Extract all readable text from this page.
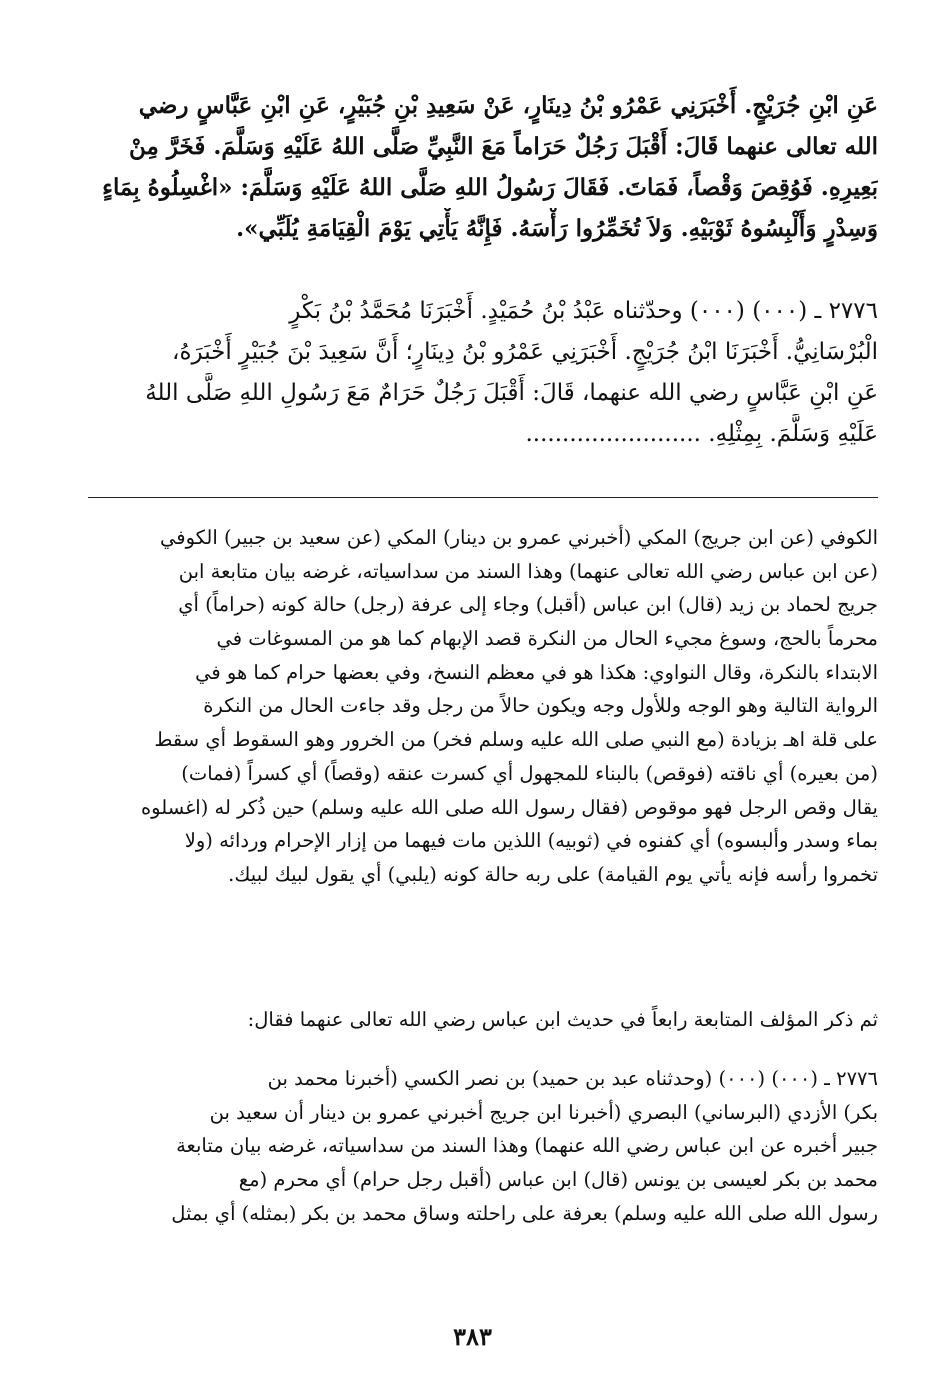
عَنِ ابْنِ جُرَيْجٍ. أَخْبَرَنِي عَمْرُو بْنُ دِينَارٍ، عَنْ سَعِيدِ بْنِ جُبَيْرٍ، عَنِ ابْنِ عَبَّاسٍ رضي
الله تعالى عنهما قَالَ: أَقْبَلَ رَجُلٌ حَرَاماً مَعَ النَّبِيِّ صَلَّى اللهُ عَلَيْهِ وَسَلَّمَ. فَخَرَّ مِنْ
بَعِيرِهِ. فَوُقِصَ وَقْصاً، فَمَاتَ. فَقَالَ رَسُولُ اللهِ صَلَّى اللهُ عَلَيْهِ وَسَلَّمَ: «اغْسِلُوهُ بِمَاءٍ
وَسِدْرٍ وَأَلْبِسُوهُ ثَوْبَيْهِ. وَلاَ تُخَمِّرُوا رَأْسَهُ. فَإِنَّهُ يَأْتِي يَوْمَ الْقِيَامَةِ يُلَبِّي».
٢٧٧٦ ـ (٠٠٠) (٠٠٠) وحدّثناه عَبْدُ بْنُ حُمَيْدٍ. أَخْبَرَنَا مُحَمَّدُ بْنُ بَكْرٍ
الْبُرْسَانِيُّ. أَخْبَرَنَا ابْنُ جُرَيْجٍ. أَخْبَرَنِي عَمْرُو بْنُ دِينَارٍ؛ أَنَّ سَعِيدَ بْنَ جُبَيْرٍ أَخْبَرَهُ،
عَنِ ابْنِ عَبَّاسٍ رضي الله عنهما، قَالَ: أَقْبَلَ رَجُلٌ حَرَامٌ مَعَ رَسُولِ اللهِ صَلَّى اللهُ
عَلَيْهِ وَسَلَّمَ. بِمِثْلِهِ. ........................
الكوفي (عن ابن جريج) المكي (أخبرني عمرو بن دينار) المكي (عن سعيد بن جبير) الكوفي
(عن ابن عباس رضي الله تعالى عنهما) وهذا السند من سداسياته، غرضه بيان متابعة ابن
جريج لحماد بن زيد (قال) ابن عباس (أقبل) وجاء إلى عرفة (رجل) حالة كونه (حراماً) أي
محرماً بالحج، وسوغ مجيء الحال من النكرة قصد الإبهام كما هو من المسوغات في
الابتداء بالنكرة، وقال النواوي: هكذا هو في معظم النسخ، وفي بعضها حرام كما هو في
الرواية التالية وهو الوجه وللأول وجه ويكون حالاً من رجل وقد جاءت الحال من النكرة
على قلة اهـ بزيادة (مع النبي صلى الله عليه وسلم فخر) من الخرور وهو السقوط أي سقط
(من بعيره) أي ناقته (فوقص) بالبناء للمجهول أي كسرت عنقه (وقصاً) أي كسراً (فمات)
يقال وقص الرجل فهو موقوص (فقال رسول الله صلى الله عليه وسلم) حين ذُكر له (اغسلوه
بماء وسدر وألبسوه) أي كفنوه في (ثوبيه) اللذين مات فيهما من إزار الإحرام وردائه (ولا
تخمروا رأسه فإنه يأتي يوم القيامة) على ربه حالة كونه (يلبي) أي يقول لبيك لبيك.
ثم ذكر المؤلف المتابعة رابعاً في حديث ابن عباس رضي الله تعالى عنهما فقال:
٢٧٧٦ ـ (٠٠٠) (٠٠٠) (وحدثناه عبد بن حميد) بن نصر الكسي (أخبرنا محمد بن
بكر) الأزدي (البرساني) البصري (أخبرنا ابن جريج أخبرني عمرو بن دينار أن سعيد بن
جبير أخبره عن ابن عباس رضي الله عنهما) وهذا السند من سداسياته، غرضه بيان متابعة
محمد بن بكر لعيسى بن يونس (قال) ابن عباس (أقبل رجل حرام) أي محرم (مع
رسول الله صلى الله عليه وسلم) بعرفة على راحلته وساق محمد بن بكر (بمثله) أي بمثل
٣٨٣
